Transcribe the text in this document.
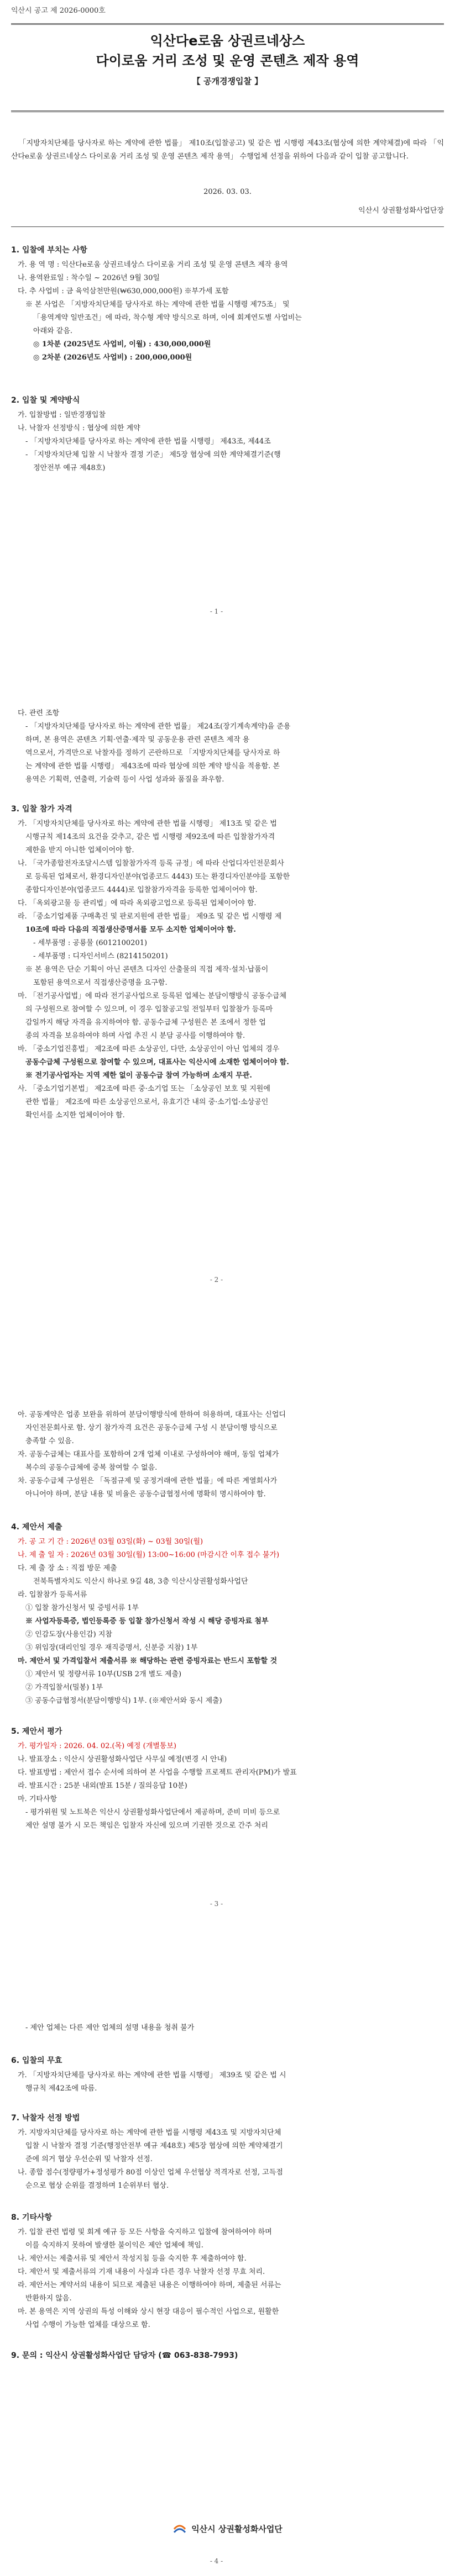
익산시 공고 제 2026-0000호
익산다e로움 상권르네상스
다이로움 거리 조성 및 운영 콘텐츠 제작 용역
【 공개경쟁입찰 】
「지방자치단체를 당사자로 하는 계약에 관한 법률」 제10조(입찰공고) 및 같은 법 시행령 제43조(협상에 의한 계약체결)에 따라 「익산다e로움 상권르네상스 다이로움 거리 조성 및 운영 콘텐츠 제작 용역」 수행업체 선정을 위하여 다음과 같이 입찰 공고합니다.
2026. 03. 03.
익산시 상권활성화사업단장
1. 입찰에 부치는 사항
가. 용 역 명 : 익산다e로움 상권르네상스 다이로움 거리 조성 및 운영 콘텐츠 제작 용역
나. 용역완료일 : 착수일 ~ 2026년 9월 30일
다. 추 사업비 : 금 육억삼천만원(₩630,000,000원) ※부가세 포함
※ 본 사업은 「지방자치단체를 당사자로 하는 계약에 관한 법률 시행령 제75조」 및
「용역계약 일반조건」에 따라, 착수형 계약 방식으로 하며, 이에 회계연도별 사업비는
아래와 같음.
◎ 1차분 (2025년도 사업비, 이월) : 430,000,000원
◎ 2차분 (2026년도 사업비) : 200,000,000원
2. 입찰 및 계약방식
가. 입찰방법 : 일반경쟁입찰
나. 낙찰자 선정방식 : 협상에 의한 계약
- 「지방자치단체를 당사자로 하는 계약에 관한 법률 시행령」 제43조, 제44조
- 「지방자치단체 입찰 시 낙찰자 결정 기준」 제5장 협상에 의한 계약체결기준(행
정안전부 예규 제48호)
- 1 -
다. 관련 조항
- 「지방자치단체를 당사자로 하는 계약에 관한 법률」 제24조(장기계속계약)을 준용
하며, 본 용역은 콘텐츠 기획·연출·제작 및 공동운용 관련 콘텐츠 제작 용
역으로서, 가격만으로 낙찰자를 정하기 곤란하므로 「지방자치단체를 당사자로 하
는 계약에 관한 법률 시행령」 제43조에 따라 협상에 의한 계약 방식을 적용함. 본
용역은 기획력, 연출력, 기술력 등이 사업 성과와 품질을 좌우함.
3. 입찰 참가 자격
가. 「지방자치단체를 당사자로 하는 계약에 관한 법률 시행령」 제13조 및 같은 법
시행규칙 제14조의 요건을 갖추고, 같은 법 시행령 제92조에 따른 입찰참가자격
제한을 받지 아니한 업체이어야 함.
나. 「국가종합전자조달시스템 입찰참가자격 등록 규정」에 따라 산업디자인전문회사
로 등록된 업체로서, 환경디자인분야(업종코드 4443) 또는 환경디자인분야를 포함한
종합디자인분야(업종코드 4444)로 입찰참가자격을 등록한 업체이어야 함.
다. 「옥외광고물 등 관리법」에 따라 옥외광고업으로 등록된 업체이어야 함.
라. 「중소기업제품 구매촉진 및 판로지원에 관한 법률」 제9조 및 같은 법 시행령 제
10조에 따라 다음의 직접생산증명서를 모두 소지한 업체이어야 함.
- 세부품명 : 공룡물 (60121002​01)
- 세부품명 : 디자인서비스 (8214150201)
※ 본 용역은 단순 기획이 아닌 콘텐츠 디자인 산출물의 직접 제작·설치·납품이
포함된 용역으로서 직접생산증명을 요구함.
마. 「전기공사업법」에 따라 전기공사업으로 등록된 업체는 분담이행방식 공동수급체
의 구성원으로 참여할 수 있으며, 이 경우 입찰공고일 전일부터 입찰참가 등록마
감일까지 해당 자격을 유지하여야 함. 공동수급체 구성원은 본 조에서 정한 업
종의 자격을 보유하여야 하며 사업 추진 시 분담 공사를 이행하여야 함.
바. 「중소기업진흥법」 제2조에 따른 소상공인, 다만, 소상공인이 아닌 업체의 경우
공동수급체 구성원으로 참여할 수 있으며, 대표사는 익산시에 소재한 업체이어야 함.
※ 전기공사업자는 지역 제한 없이 공동수급 참여 가능하며 소재지 무관.
사. 「중소기업기본법」 제2조에 따른 중·소기업 또는 「소상공인 보호 및 지원에
관한 법률」 제2조에 따른 소상공인으로서, 유효기간 내의 중·소기업·소상공인
확인서를 소지한 업체이어야 함.
- 2 -
아. 공동계약은 업종 보완을 위하여 분담이행방식에 한하여 허용하며, 대표사는 신업디
자인전문회사로 함. 상기 참가자격 요건은 공동수급체 구성 시 분담이행 방식으로
충족할 수 있음.
자. 공동수급체는 대표사를 포함하여 2개 업체 이내로 구성하여야 해며, 동일 업체가
복수의 공동수급체에 중복 참여할 수 없음.
차. 공동수급체 구성원은 「독점규제 및 공정거래에 관한 법률」에 따른 계열회사가
아니어야 하며, 분담 내용 및 비율은 공동수급협정서에 명확히 명시하여야 함.
4. 제안서 제출
가. 공 고 기 간 : 2026년 03월 03일(화) ~ 03월 30일(월)
나. 제 출 일 자 : 2026년 03월 30일(월) 13:00~16:00 (마감시간 이후 접수 불가)
다. 제 출 장 소 : 직접 방문 제출
전북특별자치도 익산시 하나로 9길 48, 3층 익산시상권활성화사업단
라. 입찰참가 등록서류
① 입찰 참가신청서 및 증빙서류 1부
※ 사업자등록증, 법인등록증 등 입찰 참가신청서 작성 시 해당 증빙자료 첨부
② 인감도장(사용인감) 지참
③ 위임장(대리인일 경우 재직증명서, 신분증 지참) 1부
마. 제안서 및 가격입찰서 제출서류 ※ 해당하는 관련 증빙자료는 반드시 포함할 것
① 제안서 및 정량서류 10부(USB 2개 별도 제출)
② 가격입찰서(밀봉) 1부
③ 공동수급협정서(분담이행방식) 1부. (※제안서와 동시 제출)
5. 제안서 평가
가. 평가일자 : 2026. 04. 02.(목) 예정 (개별통보)
나. 발표장소 : 익산시 상권활성화사업단 사무실 예정(변경 시 안내)
다. 발표방법 : 제안서 접수 순서에 의하여 본 사업을 수행할 프로젝트 관리자(PM)가 발표
라. 발표시간 : 25분 내외(발표 15분 / 질의응답 10분)
마. 기타사항
- 평가위원 및 노트북은 익산시 상권활성화사업단에서 제공하며, 준비 미비 등으로
제안 설명 불가 시 모든 책임은 입찰자 자신에 있으며 기권한 것으로 간주 처리
- 3 -
- 제안 업체는 다른 제안 업체의 설명 내용을 청취 불가
6. 입찰의 무효
가. 「지방자치단체를 당사자로 하는 계약에 관한 법률 시행령」 제39조 및 같은 법 시
행규칙 제42조에 따름.
7. 낙찰자 선정 방법
가. 지방자치단체를 당사자로 하는 계약에 관한 법률 시행령 제43조 및 지방자치단체
입찰 시 낙찰자 결정 기준(행정안전부 예규 제48호) 제5장 협상에 의한 계약체결기
준에 의거 협상 우선순위 및 낙찰자 선정.
나. 종합 점수(정량평가+정성평가 80점 이상인 업체 우선협상 적격자로 선정, 고득점
순으로 협상 순위를 결정하며 1순위부터 협상.
8. 기타사항
가. 입찰 관련 법령 및 회계 예규 등 모든 사항을 숙지하고 입찰에 참여하여야 하며
이를 숙지하지 못하여 발생한 불이익은 제안 업체에 책임.
나. 제안서는 제출서류 및 제안서 작성지침 등을 숙지한 후 제출하여야 함.
다. 제안서 및 제출서류의 기재 내용이 사실과 다른 경우 낙찰자 선정 무효 처리.
라. 제안서는 계약서의 내용이 되므로 제출된 내용은 이행하여야 하며, 제출된 서류는
반환하지 않음.
마. 본 용역은 지역 상권의 특성 이해와 상시 현장 대응이 필수적인 사업으로, 원활한
사업 수행이 가능한 업체를 대상으로 함.
9. 문의 : 익산시 상권활성화사업단 담당자 (☎ 063-838-7993)
익산시 상권활성화사업단
- 4 -
